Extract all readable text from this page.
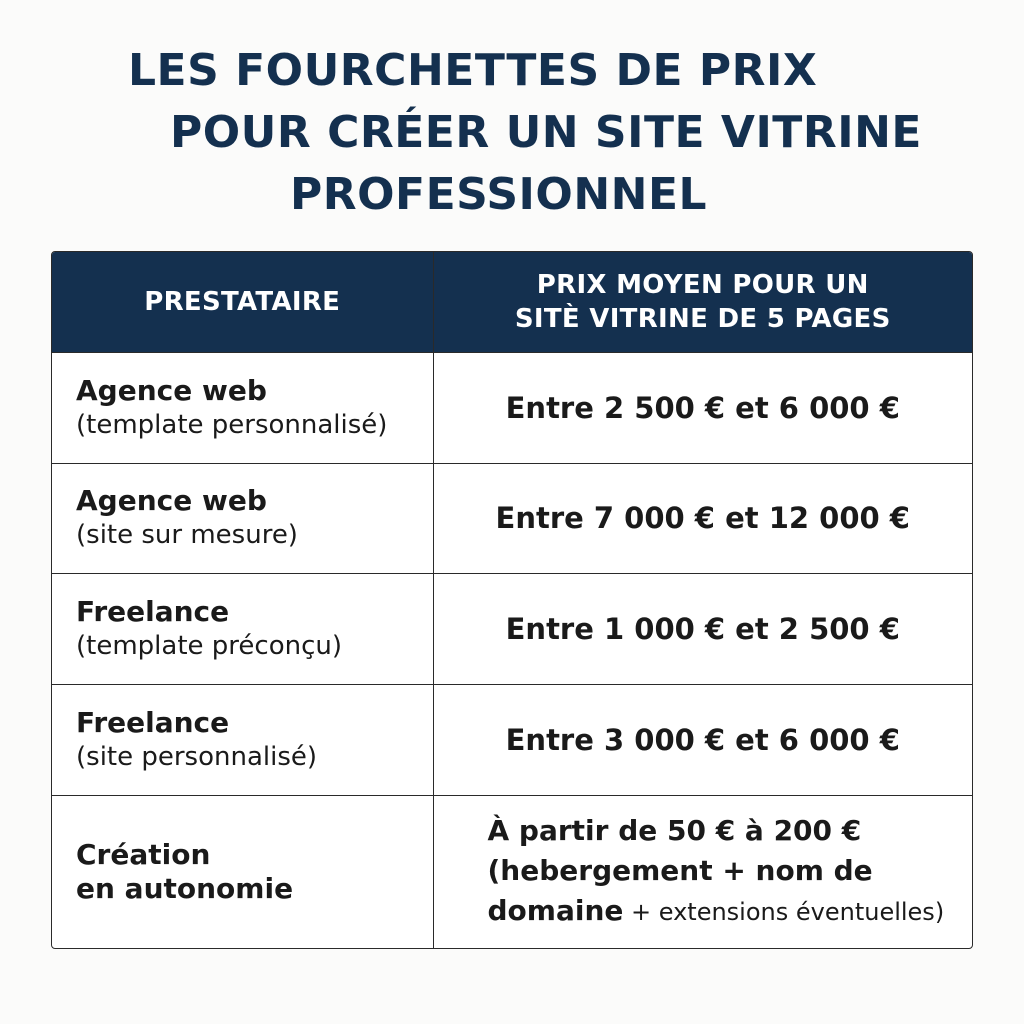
LES FOURCHETTES DE PRIX
POUR CRÉER UN SITE VITRINE
PROFESSIONNEL
PRESTATAIRE	PRIX MOYEN POUR UN
SITÈ VITRINE DE 5 PAGES

Agence web
(template personnalisé)	Entre 2 500 € et 6 000 €

Agence web
(site sur mesure)	Entre 7 000 € et 12 000 €

Freelance
(template préconçu)	Entre 1 000 € et 2 500 €

Freelance
(site personnalisé)	Entre 3 000 € et 6 000 €

Création
en autonomie	À partir de 50 € à 200 €
(hebergement + nom de
domaine + extensions éventuelles)
